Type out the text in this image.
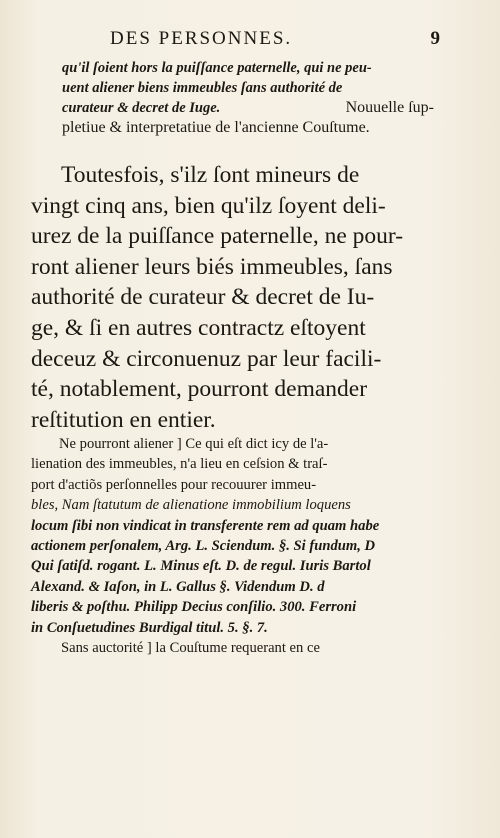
DES PERSONNES.	9
qu'il ſoient hors la puiſſance paternelle, qui ne peu-
uent aliener biens immeubles ſans authorité de
curateur & decret de Iuge.	Nouuelle ſup-
pletiue & interpretatiue de l'ancienne Couſtume.
Toutesfois, s'ilz ſont mineurs de
vingt cinq ans, bien qu'ilz ſoyent deli-
urez de la puiſſance paternelle, ne pour-
ront aliener leurs biés immeubles, ſans
authorité de curateur & decret de Iu-
ge, & ſi en autres contractz eſtoyent
deceuz & circonuenuz par leur facili-
té, notablement, pourront demander
reſtitution en entier.
Ne pourront aliener ] Ce qui eſt dict icy de l'a-
lienation des immeubles, n'a lieu en ceſsion & traſ-
port d'actiõs perſonnelles pour recouurer immeu-
bles, Nam ſtatutum de alienatione immobilium loquens
locum ſibi non vindicat in transferente rem ad quam habe
actionem perſonalem, Arg. L. Sciendum. §. Si fundum, D
Qui ſatiſd. rogant. L. Minus eſt. D. de regul. Iuris Bartol
Alexand. & Iaſon, in L. Gallus §. Videndum D. d
liberis & poſthu. Philipp Decius conſilio. 300. Ferroni
in Conſuetudines Burdigal titul. 5. §. 7.
Sans auctorité ] la Couſtume requerant en ce
